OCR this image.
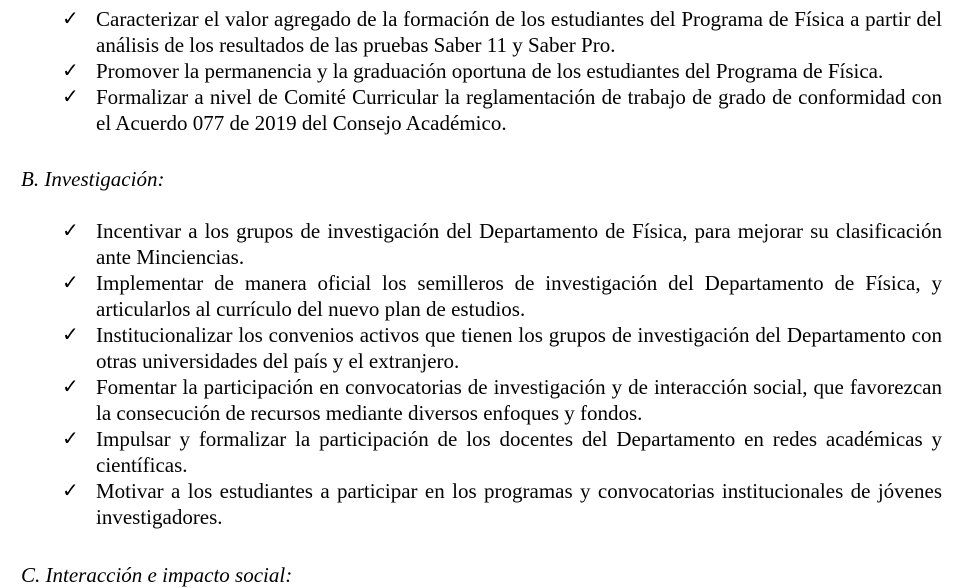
✓ Caracterizar el valor agregado de la formación de los estudiantes del Programa de Física a partir del análisis de los resultados de las pruebas Saber 11 y Saber Pro.
✓ Promover la permanencia y la graduación oportuna de los estudiantes del Programa de Física.
✓ Formalizar a nivel de Comité Curricular la reglamentación de trabajo de grado de conformidad con el Acuerdo 077 de 2019 del Consejo Académico.
B. Investigación:
✓ Incentivar a los grupos de investigación del Departamento de Física, para mejorar su clasificación ante Minciencias.
✓ Implementar de manera oficial los semilleros de investigación del Departamento de Física, y articularlos al currículo del nuevo plan de estudios.
✓ Institucionalizar los convenios activos que tienen los grupos de investigación del Departamento con otras universidades del país y el extranjero.
✓ Fomentar la participación en convocatorias de investigación y de interacción social, que favorezcan la consecución de recursos mediante diversos enfoques y fondos.
✓ Impulsar y formalizar la participación de los docentes del Departamento en redes académicas y científicas.
✓ Motivar a los estudiantes a participar en los programas y convocatorias institucionales de jóvenes investigadores.
C. Interacción e impacto social:
